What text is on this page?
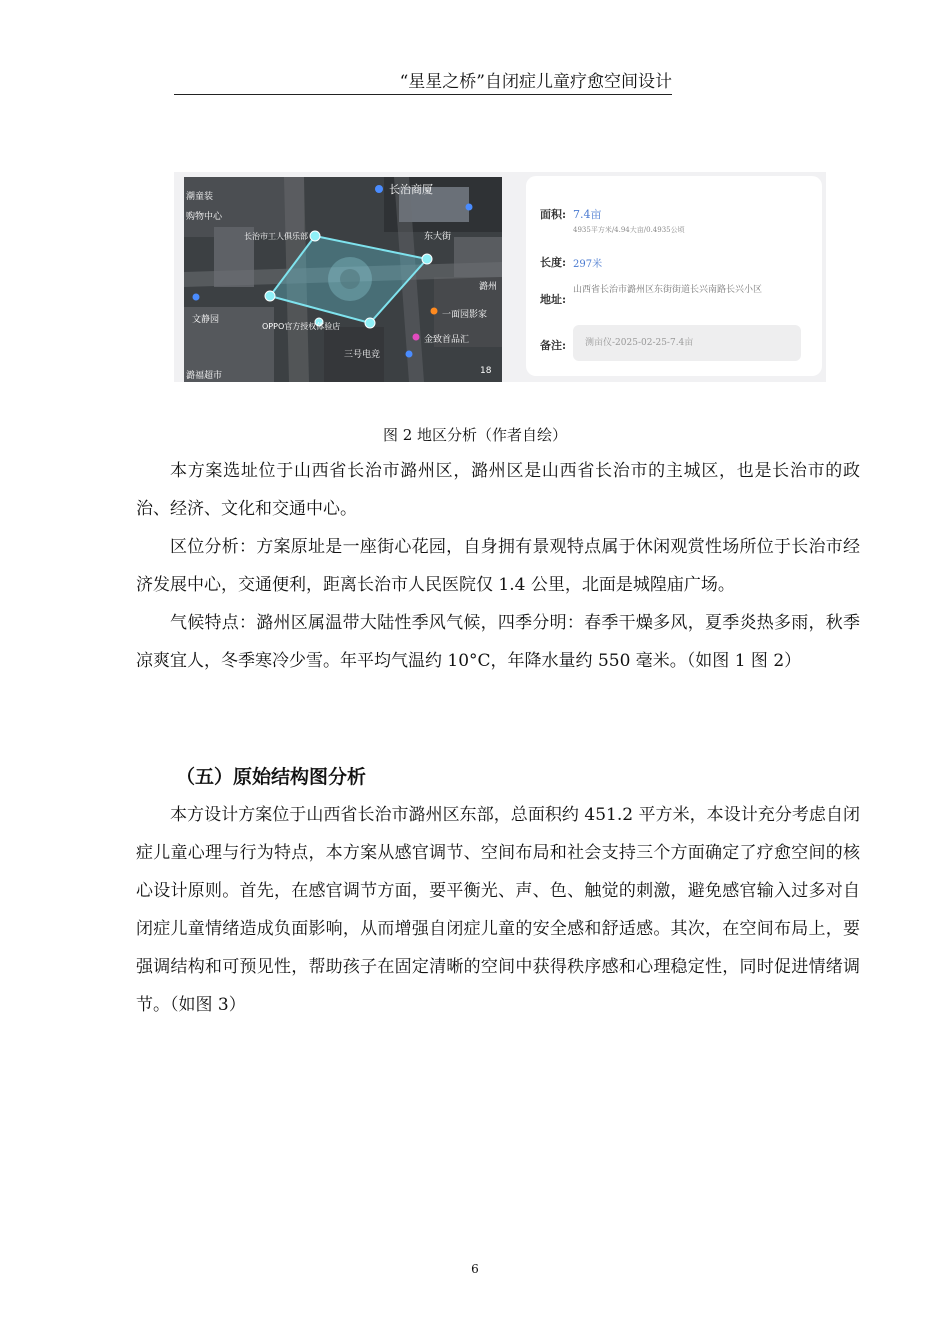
“星星之桥”自闭症儿童疗愈空间设计
长治商厦
潮童装
购物中心
长治市工人俱乐部	东大街
潞州
一面园影家
文静园
OPPO官方授权体验店
金致首品汇
三号电竞
潞福超市	18
面积: 7.4亩
4935平方米/4.94大亩/0.4935公顷
长度: 297米
地址:
山西省长治市潞州区东街街道长兴南路长兴小区
备注:	测亩仪-2025-02-25-7.4亩
图 2 地区分析（作者自绘）

本方案选址位于山西省长治市潞州区，潞州区是山西省长治市的主城区，也是长治市的政治、经济、文化和交通中心。

区位分析：方案原址是一座街心花园，自身拥有景观特点属于休闲观赏性场所位于长治市经济发展中心，交通便利，距离长治市人民医院仅 1.4 公里，北面是城隍庙广场。

气候特点：潞州区属温带大陆性季风气候，四季分明：春季干燥多风，夏季炎热多雨，秋季凉爽宜人，冬季寒冷少雪。年平均气温约 10°C，年降水量约 550 毫米。（如图 1 图 2）

（五）原始结构图分析

本方设计方案位于山西省长治市潞州区东部，总面积约 451.2 平方米，本设计充分考虑自闭症儿童心理与行为特点，本方案从感官调节、空间布局和社会支持三个方面确定了疗愈空间的核心设计原则。首先，在感官调节方面，要平衡光、声、色、触觉的刺激，避免感官输入过多对自闭症儿童情绪造成负面影响，从而增强自闭症儿童的安全感和舒适感。其次，在空间布局上，要强调结构和可预见性，帮助孩子在固定清晰的空间中获得秩序感和心理稳定性，同时促进情绪调节。（如图 3）

6
